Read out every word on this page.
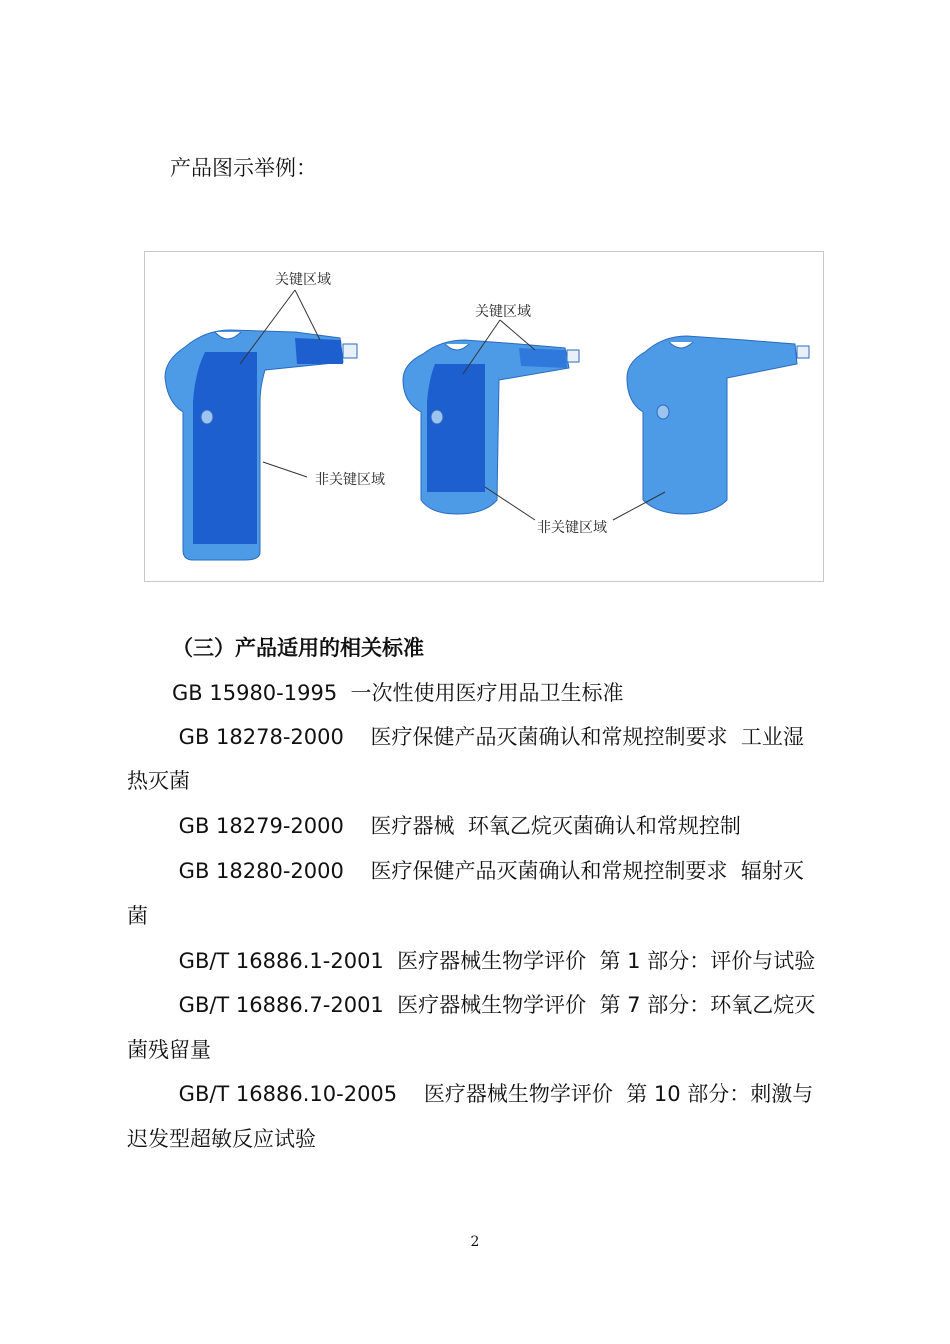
产品图示举例：
关键区域
关键区域
非关键区域
非关键区域
（三）产品适用的相关标准
GB 15980-1995  一次性使用医疗用品卫生标准
GB 18278-2000    医疗保健产品灭菌确认和常规控制要求  工业湿
热灭菌
GB 18279-2000    医疗器械  环氧乙烷灭菌确认和常规控制
GB 18280-2000    医疗保健产品灭菌确认和常规控制要求  辐射灭
菌
GB/T 16886.1-2001  医疗器械生物学评价  第 1 部分：评价与试验
GB/T 16886.7-2001  医疗器械生物学评价  第 7 部分：环氧乙烷灭
菌残留量
GB/T 16886.10-2005    医疗器械生物学评价  第 10 部分：刺激与
迟发型超敏反应试验
2
